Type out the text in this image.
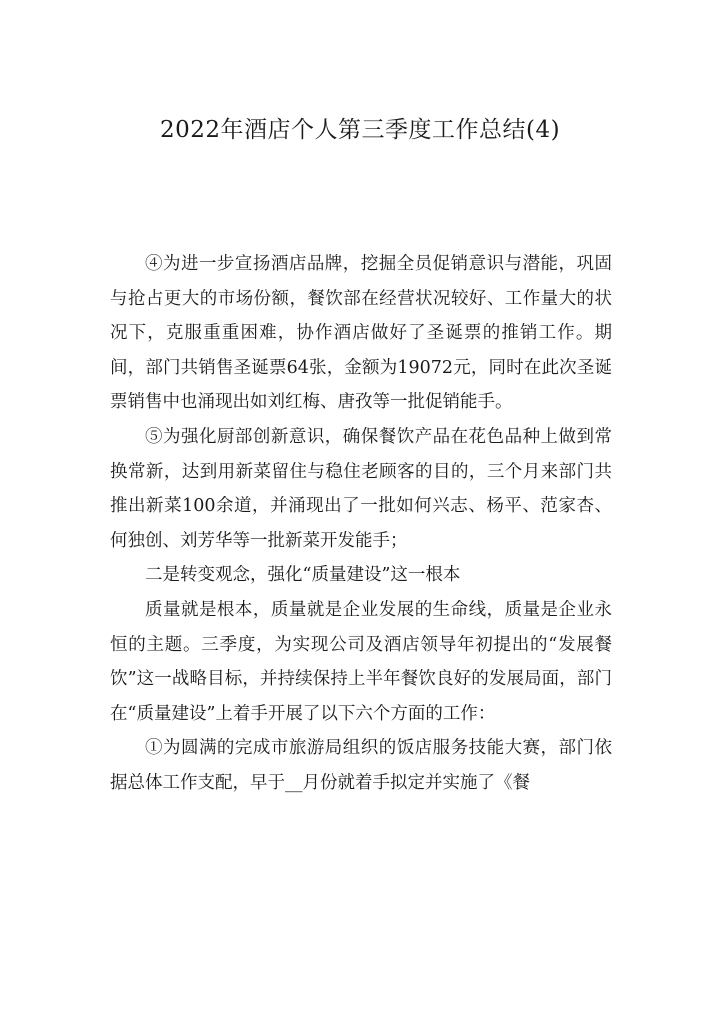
2022年酒店个人第三季度工作总结(4)

④为进一步宣扬酒店品牌，挖掘全员促销意识与潜能，巩固与抢占更大的市场份额，餐饮部在经营状况较好、工作量大的状况下，克服重重困难，协作酒店做好了圣诞票的推销工作。期间，部门共销售圣诞票64张，金额为19072元，同时在此次圣诞票销售中也涌现出如刘红梅、唐孜等一批促销能手。

⑤为强化厨部创新意识，确保餐饮产品在花色品种上做到常换常新，达到用新菜留住与稳住老顾客的目的，三个月来部门共推出新菜100余道，并涌现出了一批如何兴志、杨平、范家杏、何独创、刘芳华等一批新菜开发能手；

二是转变观念，强化“质量建设”这一根本

质量就是根本，质量就是企业发展的生命线，质量是企业永恒的主题。三季度，为实现公司及酒店领导年初提出的“发展餐饮”这一战略目标，并持续保持上半年餐饮良好的发展局面，部门在“质量建设”上着手开展了以下六个方面的工作：

①为圆满的完成市旅游局组织的饭店服务技能大赛，部门依据总体工作支配，早于__月份就着手拟定并实施了《餐
